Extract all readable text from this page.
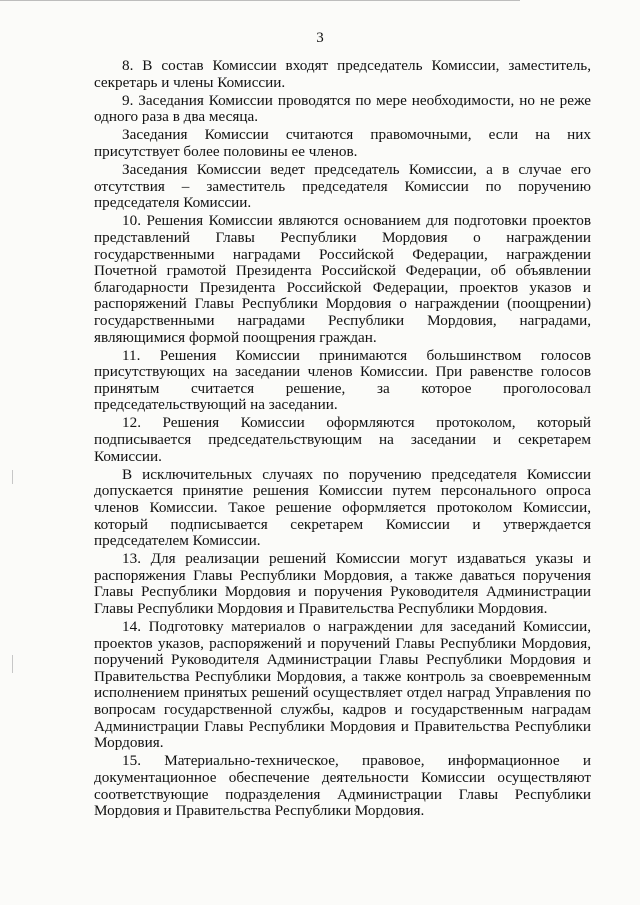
3

8. В состав Комиссии входят председатель Комиссии, заместитель, секретарь и члены Комиссии.

9. Заседания Комиссии проводятся по мере необходимости, но не реже одного раза в два месяца.

Заседания Комиссии считаются правомочными, если на них присутствует более половины ее членов.

Заседания Комиссии ведет председатель Комиссии, а в случае его отсутствия – заместитель председателя Комиссии по поручению председателя Комиссии.

10. Решения Комиссии являются основанием для подготовки проектов представлений Главы Республики Мордовия о награждении государственными наградами Российской Федерации, награждении Почетной грамотой Президента Российской Федерации, об объявлении благодарности Президента Российской Федерации, проектов указов и распоряжений Главы Республики Мордовия о награждении (поощрении) государственными наградами Республики Мордовия, наградами, являющимися формой поощрения граждан.

11. Решения Комиссии принимаются большинством голосов присутствующих на заседании членов Комиссии. При равенстве голосов принятым считается решение, за которое проголосовал председательствующий на заседании.

12. Решения Комиссии оформляются протоколом, который подписывается председательствующим на заседании и секретарем Комиссии.

В исключительных случаях по поручению председателя Комиссии допускается принятие решения Комиссии путем персонального опроса членов Комиссии. Такое решение оформляется протоколом Комиссии, который подписывается секретарем Комиссии и утверждается председателем Комиссии.

13. Для реализации решений Комиссии могут издаваться указы и распоряжения Главы Республики Мордовия, а также даваться поручения Главы Республики Мордовия и поручения Руководителя Администрации Главы Республики Мордовия и Правительства Республики Мордовия.

14. Подготовку материалов о награждении для заседаний Комиссии, проектов указов, распоряжений и поручений Главы Республики Мордовия, поручений Руководителя Администрации Главы Республики Мордовия и Правительства Республики Мордовия, а также контроль за своевременным исполнением принятых решений осуществляет отдел наград Управления по вопросам государственной службы, кадров и государственным наградам Администрации Главы Республики Мордовия и Правительства Республики Мордовия.

15. Материально-техническое, правовое, информационное и документационное обеспечение деятельности Комиссии осуществляют соответствующие подразделения Администрации Главы Республики Мордовия и Правительства Республики Мордовия.
